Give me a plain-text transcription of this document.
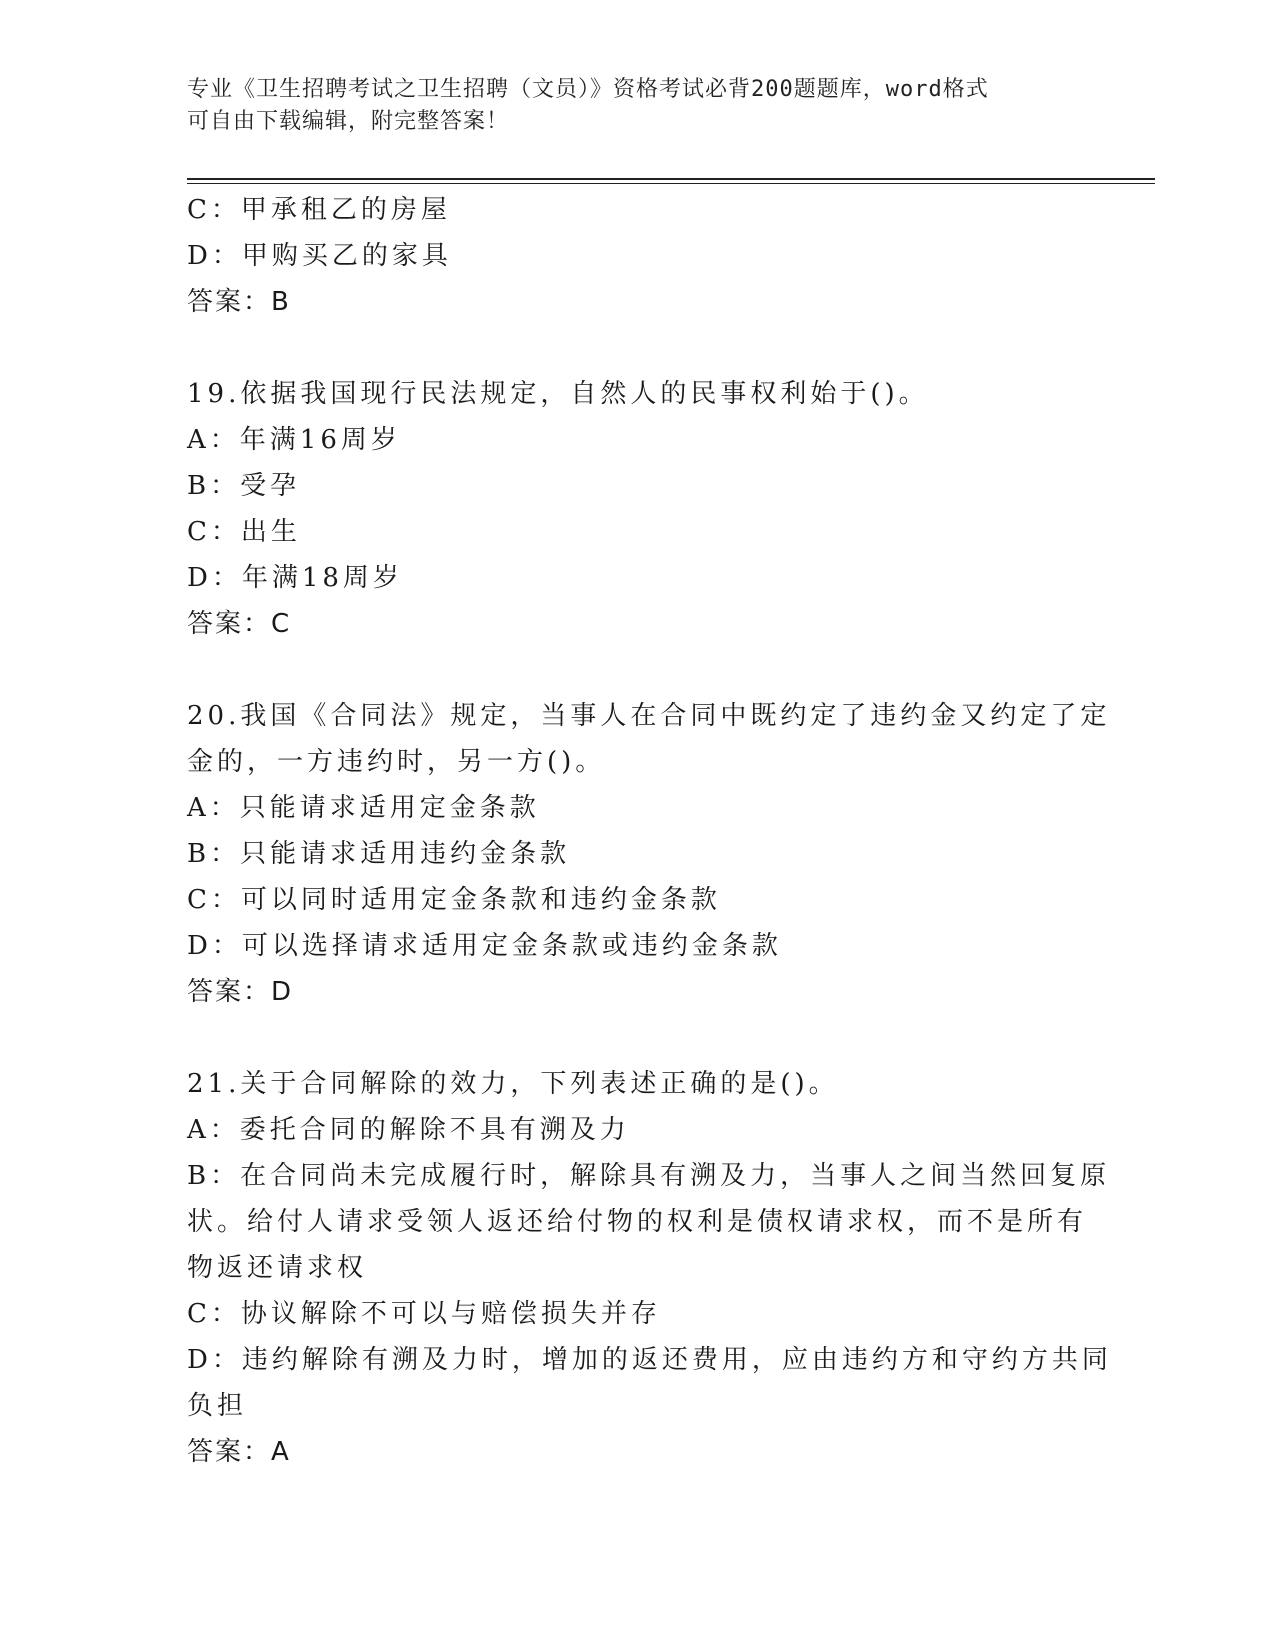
专业《卫生招聘考试之卫生招聘（文员）》资格考试必背200题题库，word格式
可自由下载编辑，附完整答案！
C：甲承租乙的房屋
D：甲购买乙的家具
答案：B
19.依据我国现行民法规定，自然人的民事权利始于()。
A：年满16周岁
B：受孕
C：出生
D：年满18周岁
答案：C
20.我国《合同法》规定，当事人在合同中既约定了违约金又约定了定
金的，一方违约时，另一方()。
A：只能请求适用定金条款
B：只能请求适用违约金条款
C：可以同时适用定金条款和违约金条款
D：可以选择请求适用定金条款或违约金条款
答案：D
21.关于合同解除的效力，下列表述正确的是()。
A：委托合同的解除不具有溯及力
B：在合同尚未完成履行时，解除具有溯及力，当事人之间当然回复原
状。给付人请求受领人返还给付物的权利是债权请求权，而不是所有
物返还请求权
C：协议解除不可以与赔偿损失并存
D：违约解除有溯及力时，增加的返还费用，应由违约方和守约方共同
负担
答案：A
